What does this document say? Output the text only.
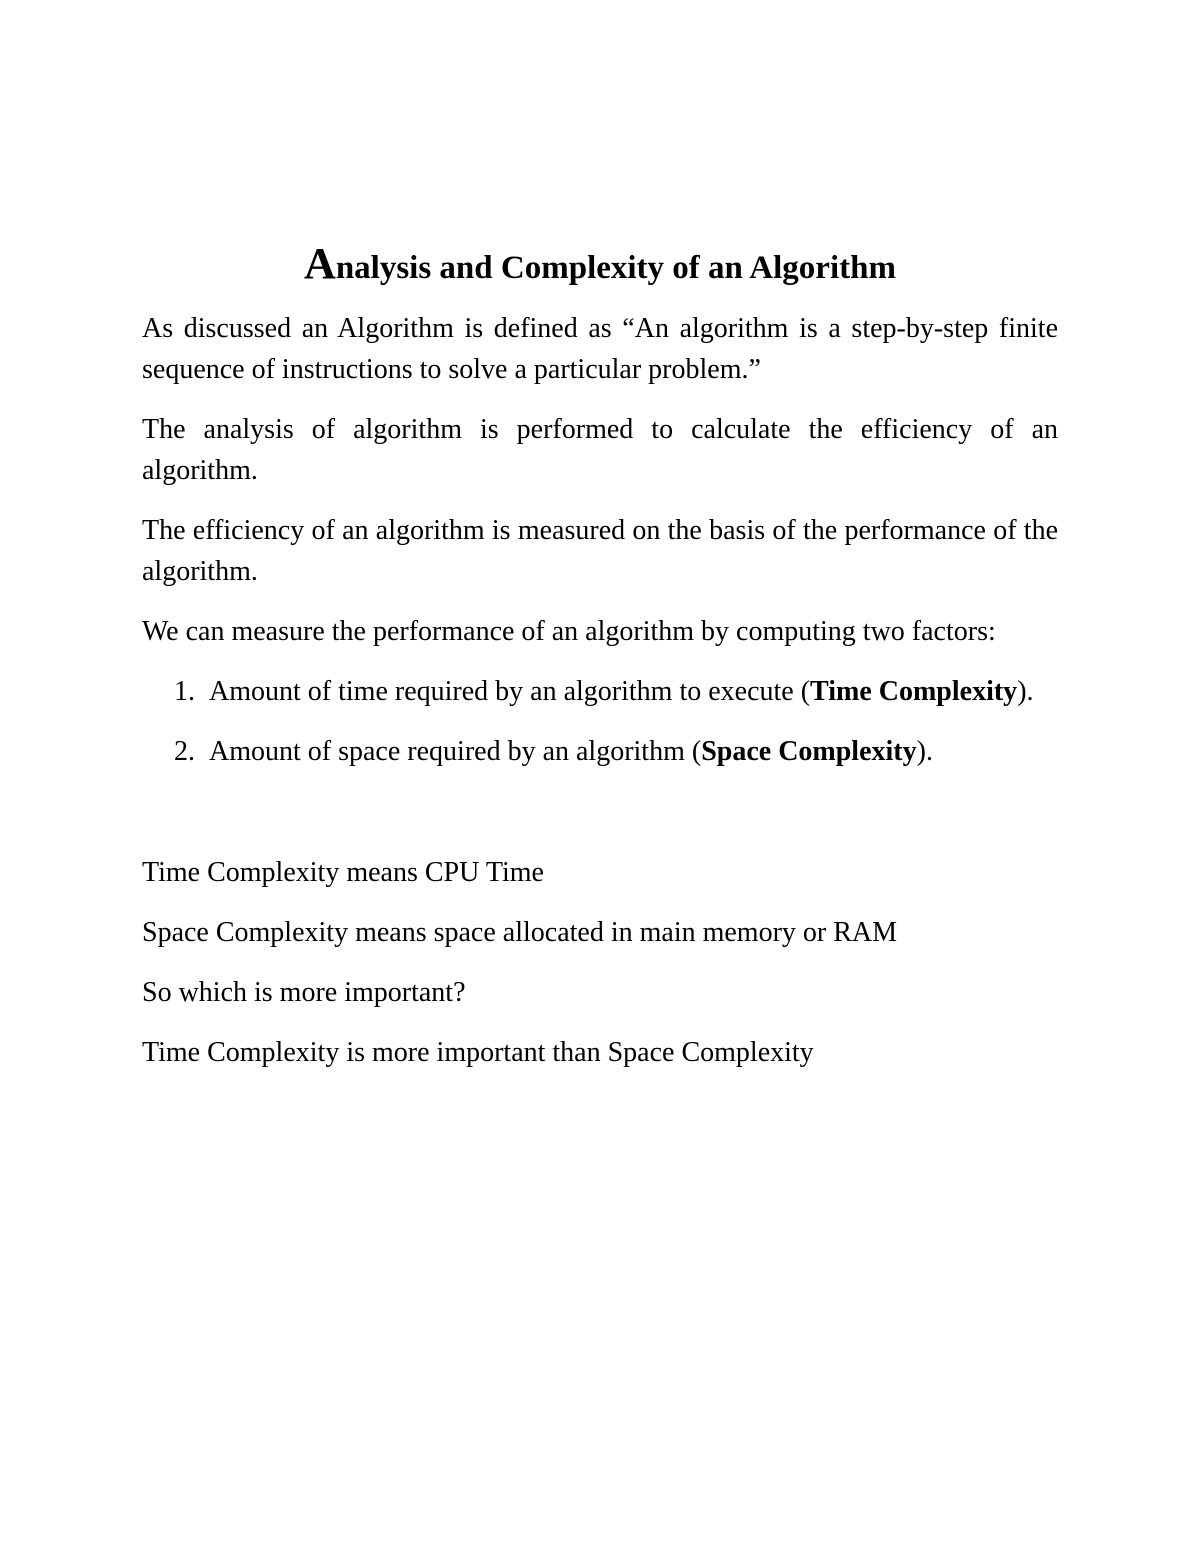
Analysis and Complexity of an Algorithm

As discussed an Algorithm is defined as “An algorithm is a step-by-step finite sequence of instructions to solve a particular problem.”

The analysis of algorithm is performed to calculate the efficiency of an algorithm.

The efficiency of an algorithm is measured on the basis of the performance of the algorithm.

We can measure the performance of an algorithm by computing two factors:

1. Amount of time required by an algorithm to execute (Time Complexity).
2. Amount of space required by an algorithm (Space Complexity).

Time Complexity means CPU Time

Space Complexity means space allocated in main memory or RAM

So which is more important?

Time Complexity is more important than Space Complexity
